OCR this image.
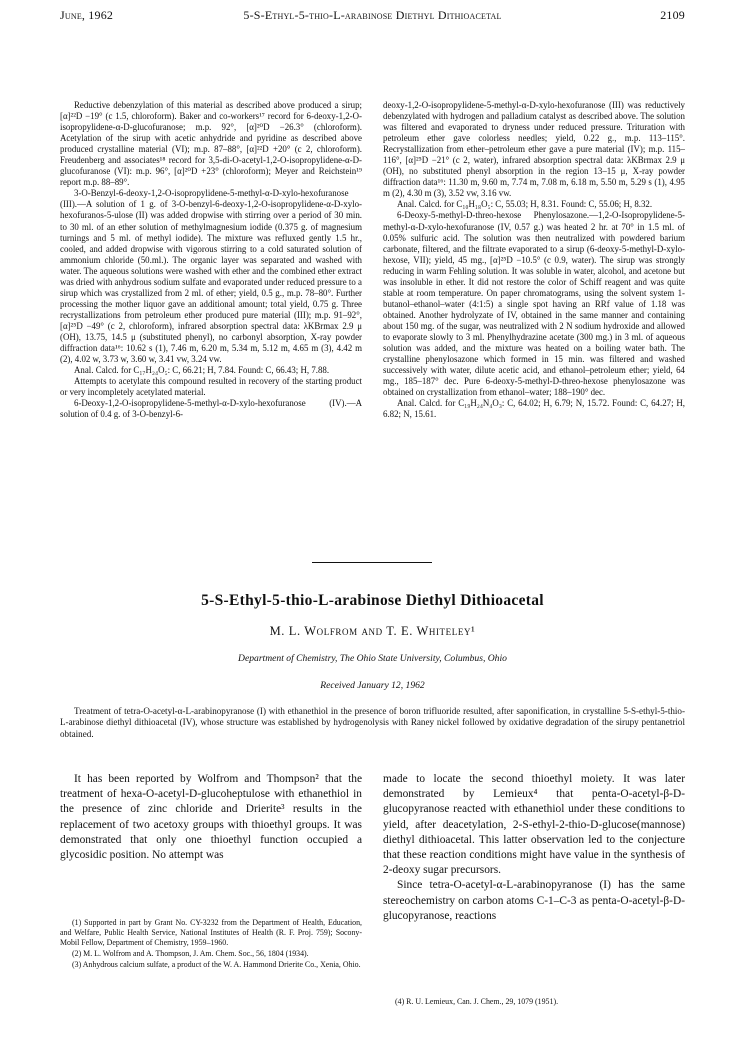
June, 1962	5-S-Ethyl-5-thio-L-arabinose Diethyl Dithioacetal	2109

Reductive debenzylation of this material as described above produced a sirup; [α]²²D −19° (c 1.5, chloroform). Baker and co-workers¹⁷ record for 6-deoxy-1,2-O-isopropylidene-α-D-glucofuranose; m.p. 92°, [α]²⁰D −26.3° (chloroform). Acetylation of the sirup with acetic anhydride and pyridine as described above produced crystalline material (VI); m.p. 87–88°, [α]²²D +20° (c 2, chloroform). Freudenberg and associates¹⁸ record for 3,5-di-O-acetyl-1,2-O-isopropylidene-α-D-glucofuranose (VI): m.p. 96°, [α]²⁰D +23° (chloroform); Meyer and Reichstein¹⁹ report m.p. 88–89°.

3-O-Benzyl-6-deoxy-1,2-O-isopropylidene-5-methyl-α-D-xylo-hexofuranose (III).—A solution of 1 g. of 3-O-benzyl-6-deoxy-1,2-O-isopropylidene-α-D-xylo-hexofuranos-5-ulose (II) was added dropwise with stirring over a period of 30 min. to 30 ml. of an ether solution of methylmagnesium iodide (0.375 g. of magnesium turnings and 5 ml. of methyl iodide). The mixture was refluxed gently 1.5 hr., cooled, and added dropwise with vigorous stirring to a cold saturated solution of ammonium chloride (50.ml.). The organic layer was separated and washed with water. The aqueous solutions were washed with ether and the combined ether extract was dried with anhydrous sodium sulfate and evaporated under reduced pressure to a sirup which was crystallized from 2 ml. of ether; yield, 0.5 g., m.p. 78–80°. Further processing the mother liquor gave an additional amount; total yield, 0.75 g. Three recrystallizations from petroleum ether produced pure material (III); m.p. 91–92°, [α]²⁵D −49° (c 2, chloroform), infrared absorption spectral data: λKBrmax 2.9 μ (OH), 13.75, 14.5 μ (substituted phenyl), no carbonyl absorption, X-ray powder diffraction data¹⁶: 10.62 s (1), 7.46 m, 6.20 m, 5.34 m, 5.12 m, 4.65 m (3), 4.42 m (2), 4.02 w, 3.73 w, 3.60 w, 3.41 vw, 3.24 vw.

Anal. Calcd. for C₁₇H₂₄O₅: C, 66.21; H, 7.84. Found: C, 66.43; H, 7.88.

Attempts to acetylate this compound resulted in recovery of the starting product or very incompletely acetylated material.

6-Deoxy-1,2-O-isopropylidene-5-methyl-α-D-xylo-hexofuranose (IV).—A solution of 0.4 g. of 3-O-benzyl-6-

deoxy-1,2-O-isopropylidene-5-methyl-α-D-xylo-hexofuranose (III) was reductively debenzylated with hydrogen and palladium catalyst as described above. The solution was filtered and evaporated to dryness under reduced pressure. Trituration with petroleum ether gave colorless needles; yield, 0.22 g., m.p. 113–115°. Recrystallization from ether–petroleum ether gave a pure material (IV); m.p. 115–116°, [α]²⁵D −21° (c 2, water), infrared absorption spectral data: λKBrmax 2.9 μ (OH), no substituted phenyl absorption in the region 13–15 μ, X-ray powder diffraction data¹⁶: 11.30 m, 9.60 m, 7.74 m, 7.08 m, 6.18 m, 5.50 m, 5.29 s (1), 4.95 m (2), 4.30 m (3), 3.52 vw, 3.16 vw.

Anal. Calcd. for C₁₀H₁₈O₅: C, 55.03; H, 8.31. Found: C, 55.06; H, 8.32.

6-Deoxy-5-methyl-D-threo-hexose Phenylosazone.—1,2-O-Isopropylidene-5-methyl-α-D-xylo-hexofuranose (IV, 0.57 g.) was heated 2 hr. at 70° in 1.5 ml. of 0.05% sulfuric acid. The solution was then neutralized with powdered barium carbonate, filtered, and the filtrate evaporated to a sirup (6-deoxy-5-methyl-D-xylo-hexose, VII); yield, 45 mg., [α]²⁵D −10.5° (c 0.9, water). The sirup was strongly reducing in warm Fehling solution. It was soluble in water, alcohol, and acetone but was insoluble in ether. It did not restore the color of Schiff reagent and was quite stable at room temperature. On paper chromatograms, using the solvent system 1-butanol–ethanol–water (4:1:5) a single spot having an RRf value of 1.18 was obtained. Another hydrolyzate of IV, obtained in the same manner and containing about 150 mg. of the sugar, was neutralized with 2 N sodium hydroxide and allowed to evaporate slowly to 3 ml. Phenylhydrazine acetate (300 mg.) in 3 ml. of aqueous solution was added, and the mixture was heated on a boiling water bath. The crystalline phenylosazone which formed in 15 min. was filtered and washed successively with water, dilute acetic acid, and ethanol–petroleum ether; yield, 64 mg., 185–187° dec. Pure 6-deoxy-5-methyl-D-threo-hexose phenylosazone was obtained on crystallization from ethanol–water; 188–190° dec.

Anal. Calcd. for C₁₉H₂₄N₄O₃: C, 64.02; H, 6.79; N, 15.72. Found: C, 64.27; H, 6.82; N, 15.61.

5-S-Ethyl-5-thio-L-arabinose Diethyl Dithioacetal
M. L. Wolfrom and T. E. Whiteley¹
Department of Chemistry, The Ohio State University, Columbus, Ohio
Received January 12, 1962

Treatment of tetra-O-acetyl-α-L-arabinopyranose (I) with ethanethiol in the presence of boron trifluoride resulted, after saponification, in crystalline 5-S-ethyl-5-thio-L-arabinose diethyl dithioacetal (IV), whose structure was established by hydrogenolysis with Raney nickel followed by oxidative degradation of the sirupy pentanetriol obtained.

It has been reported by Wolfrom and Thompson² that the treatment of hexa-O-acetyl-D-glucoheptulose with ethanethiol in the presence of zinc chloride and Drierite³ results in the replacement of two acetoxy groups with thioethyl groups. It was demonstrated that only one thioethyl function occupied a glycosidic position. No attempt was

made to locate the second thioethyl moiety. It was later demonstrated by Lemieux⁴ that penta-O-acetyl-β-D-glucopyranose reacted with ethanethiol under these conditions to yield, after deacetylation, 2-S-ethyl-2-thio-D-glucose(mannose) diethyl dithioacetal. This latter observation led to the conjecture that these reaction conditions might have value in the synthesis of 2-deoxy sugar precursors.

Since tetra-O-acetyl-α-L-arabinopyranose (I) has the same stereochemistry on carbon atoms C-1–C-3 as penta-O-acetyl-β-D-glucopyranose, reactions

(1) Supported in part by Grant No. CY-3232 from the Department of Health, Education, and Welfare, Public Health Service, National Institutes of Health (R. F. Proj. 759); Socony-Mobil Fellow, Department of Chemistry, 1959–1960.

(2) M. L. Wolfrom and A. Thompson, J. Am. Chem. Soc., 56, 1804 (1934).

(3) Anhydrous calcium sulfate, a product of the W. A. Hammond Drierite Co., Xenia, Ohio.

(4) R. U. Lemieux, Can. J. Chem., 29, 1079 (1951).
